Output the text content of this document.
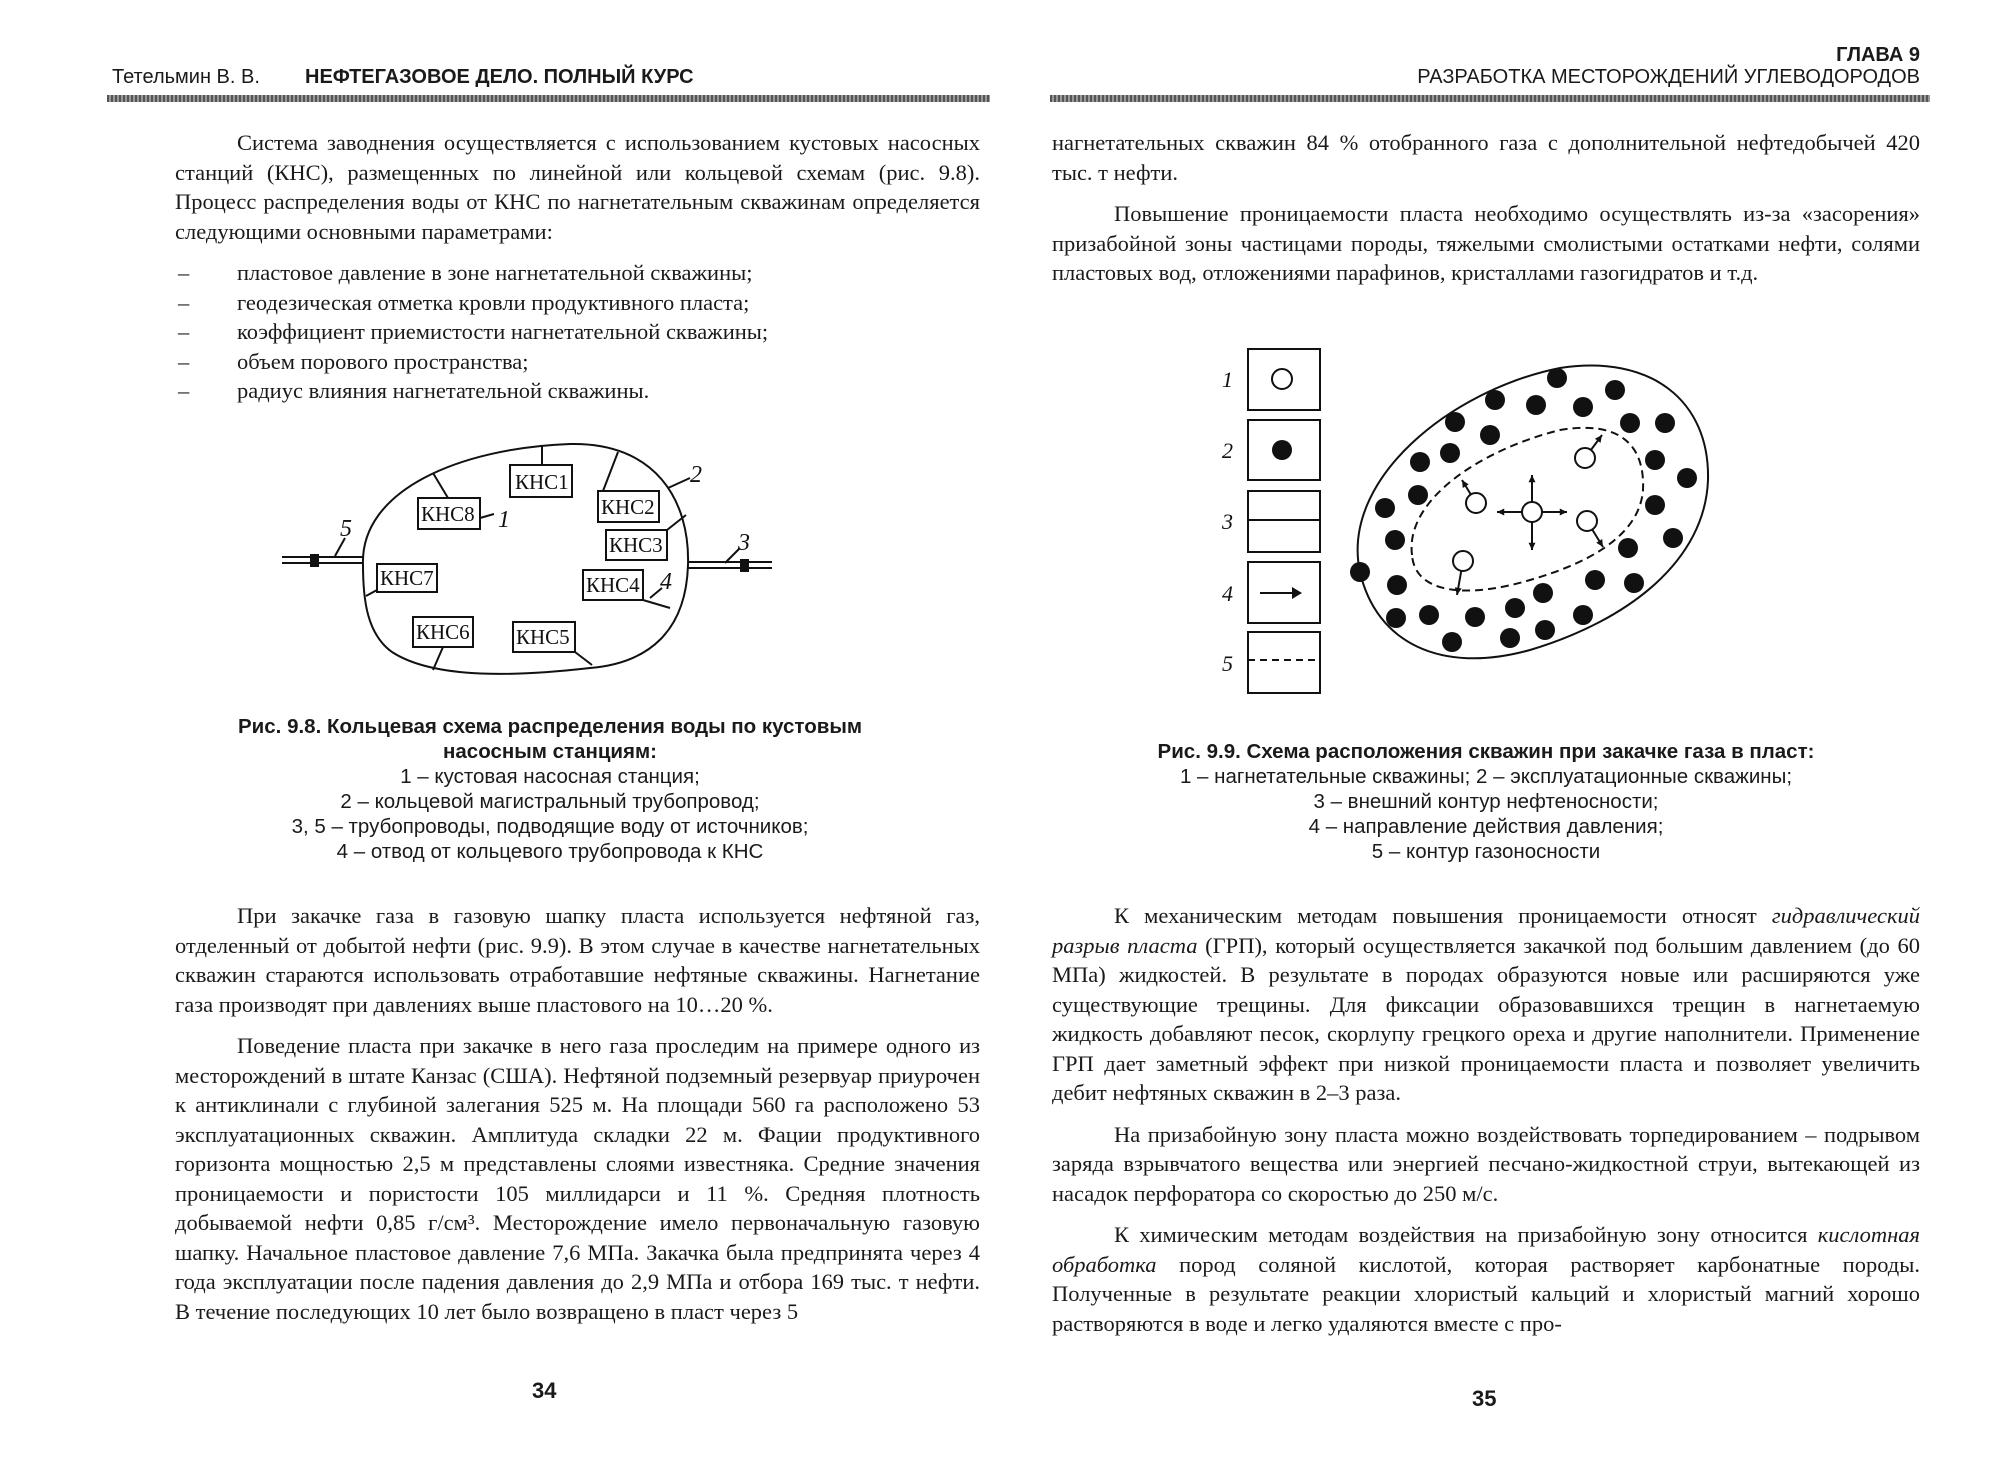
Тетельмин В. В. НЕФТЕГАЗОВОЕ ДЕЛО. ПОЛНЫЙ КУРС

Система заводнения осуществляется с использованием кустовых насосных станций (КНС), размещенных по линейной или кольцевой схемам (рис. 9.8). Процесс распределения воды от КНС по нагнетательным скважинам определяется следующими основными параметрами:

– пластовое давление в зоне нагнетательной скважины;
– геодезическая отметка кровли продуктивного пласта;
– коэффициент приемистости нагнетательной скважины;
– объем порового пространства;
– радиус влияния нагнетательной скважины.
КНС1
КНС2
КНС3
КНС4
КНС5
КНС6
КНС7
КНС8 1
2
3
4
5
Рис. 9.8. Кольцевая схема распределения воды по кустовым насосным станциям:
1 – кустовая насосная станция;
2 – кольцевой магистральный трубопровод;
3, 5 – трубопроводы, подводящие воду от источников;
4 – отвод от кольцевого трубопровода к КНС

При закачке газа в газовую шапку пласта используется нефтяной газ, отделенный от добытой нефти (рис. 9.9). В этом случае в качестве нагнетательных скважин стараются использовать отработавшие нефтяные скважины. Нагнетание газа производят при давлениях выше пластового на 10…20 %.

Поведение пласта при закачке в него газа проследим на примере одного из месторождений в штате Канзас (США). Нефтяной подземный резервуар приурочен к антиклинали с глубиной залегания 525 м. На площади 560 га расположено 53 эксплуатационных скважин. Амплитуда складки 22 м. Фации продуктивного горизонта мощностью 2,5 м представлены слоями известняка. Средние значения проницаемости и пористости 105 миллидарси и 11 %. Средняя плотность добываемой нефти 0,85 г/см³. Месторождение имело первоначальную газовую шапку. Начальное пластовое давление 7,6 МПа. Закачка была предпринята через 4 года эксплуатации после падения давления до 2,9 МПа и отбора 169 тыс. т нефти. В течение последующих 10 лет было возвращено в пласт через 5

34
ГЛАВА 9
РАЗРАБОТКА МЕСТОРОЖДЕНИЙ УГЛЕВОДОРОДОВ

нагнетательных скважин 84 % отобранного газа с дополнительной нефтедобычей 420 тыс. т нефти.

Повышение проницаемости пласта необходимо осуществлять из-за «засорения» призабойной зоны частицами породы, тяжелыми смолистыми остатками нефти, солями пластовых вод, отложениями парафинов, кристаллами газогидратов и т.д.

1
2
3
4
5
Рис. 9.9. Схема расположения скважин при закачке газа в пласт:
1 – нагнетательные скважины; 2 – эксплуатационные скважины;
3 – внешний контур нефтеносности;
4 – направление действия давления;
5 – контур газоносности

К механическим методам повышения проницаемости относят гидравлический разрыв пласта (ГРП), который осуществляется закачкой под большим давлением (до 60 МПа) жидкостей. В результате в породах образуются новые или расширяются уже существующие трещины. Для фиксации образовавшихся трещин в нагнетаемую жидкость добавляют песок, скорлупу грецкого ореха и другие наполнители. Применение ГРП дает заметный эффект при низкой проницаемости пласта и позволяет увеличить дебит нефтяных скважин в 2–3 раза.

На призабойную зону пласта можно воздействовать торпедированием – подрывом заряда взрывчатого вещества или энергией песчано-жидкостной струи, вытекающей из насадок перфоратора со скоростью до 250 м/с.

К химическим методам воздействия на призабойную зону относится кислотная обработка пород соляной кислотой, которая растворяет карбонатные породы. Полученные в результате реакции хлористый кальций и хлористый магний хорошо растворяются в воде и легко удаляются вместе с про-

35
